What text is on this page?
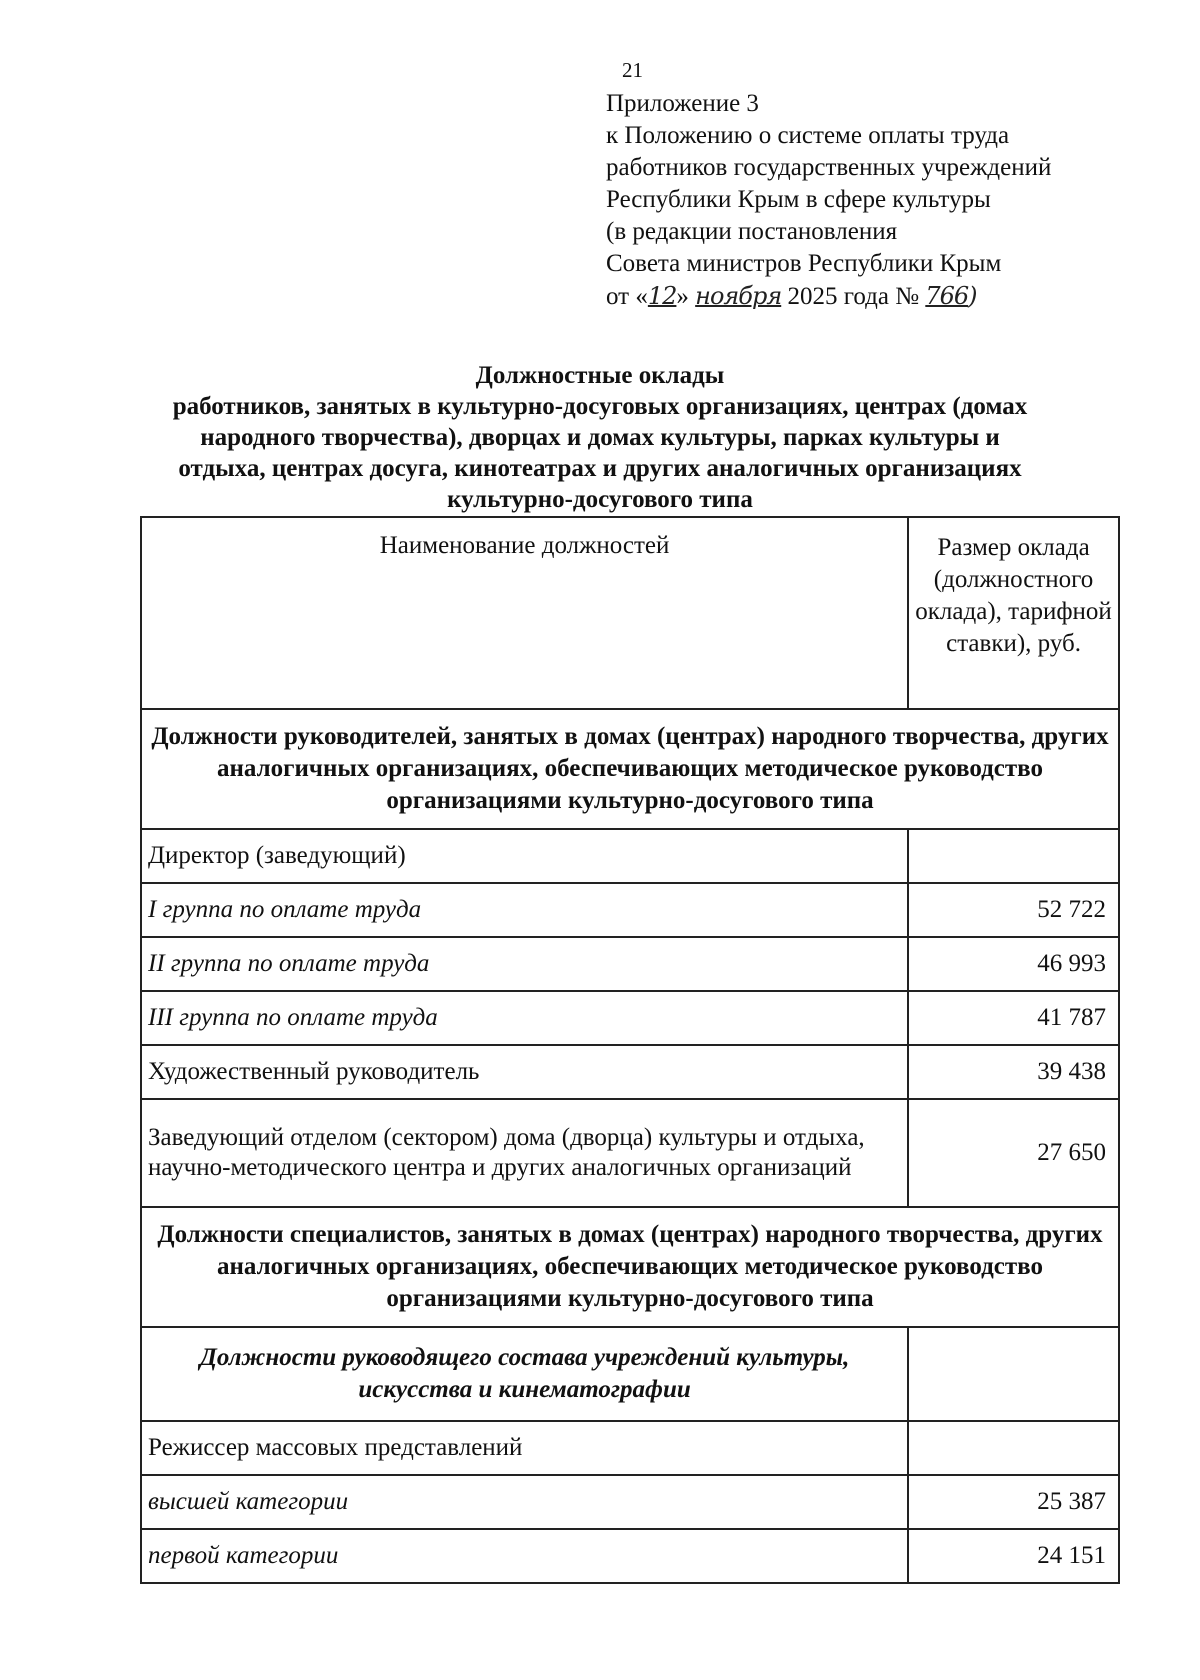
21
Приложение 3
к Положению о системе оплаты труда
работников государственных учреждений
Республики Крым в сфере культуры
(в редакции постановления
Совета министров Республики Крым
от «12» ноября 2025 года № 766)
Должностные оклады
работников, занятых в культурно-досуговых организациях, центрах (домах
народного творчества), дворцах и домах культуры, парках культуры и
отдыха, центрах досуга, кинотеатрах и других аналогичных организациях
культурно-досугового типа
Наименование должностей	Размер оклада (должностного оклада), тарифной ставки), руб.
Должности руководителей, занятых в домах (центрах) народного творчества, других аналогичных организациях, обеспечивающих методическое руководство организациями культурно-досугового типа	
Директор (заведующий)	
I группа по оплате труда	52 722
II группа по оплате труда	46 993
III группа по оплате труда	41 787
Художественный руководитель	39 438
Заведующий отделом (сектором) дома (дворца) культуры и отдыха, научно-методического центра и других аналогичных организаций	27 650
Должности специалистов, занятых в домах (центрах) народного творчества, других аналогичных организациях, обеспечивающих методическое руководство организациями культурно-досугового типа	
Должности руководящего состава учреждений культуры, искусства и кинематографии	
Режиссер массовых представлений	
высшей категории	25 387
первой категории	24 151
